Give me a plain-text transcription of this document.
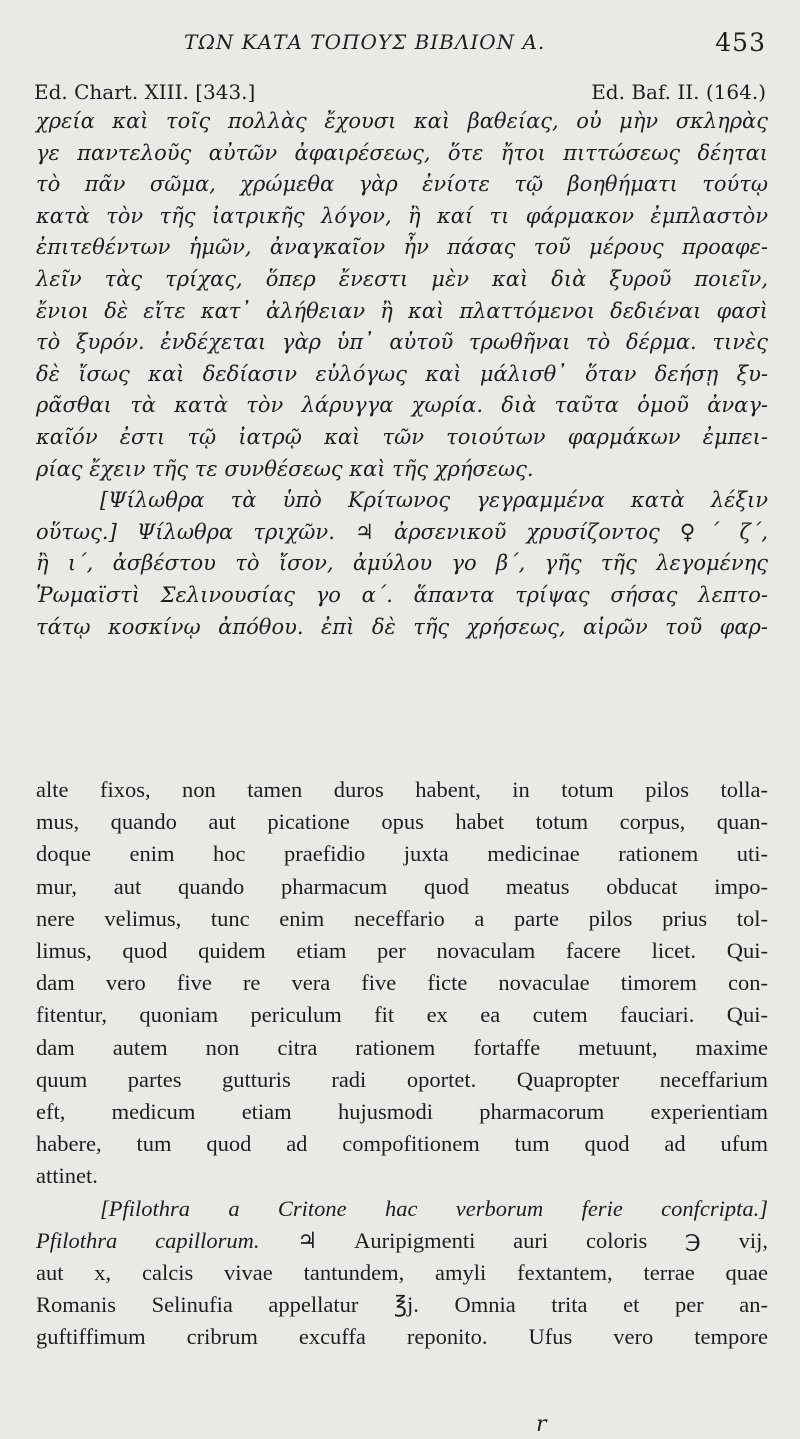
ΤΩΝ ΚΑΤΑ ΤΟΠΟΥΣ ΒΙΒΛΙΟΝ Α.	453
Ed. Chart. XIII. [343.]	Ed. Baf. II. (164.)
χρεία καὶ τοῖς πολλὰς ἔχουσι καὶ βαθείας, οὐ μὴν σκληρὰς
γε παντελοῦς αὐτῶν ἀφαιρέσεως, ὅτε ἤτοι πιττώσεως δέηται
τὸ πᾶν σῶμα, χρώμεθα γὰρ ἐνίοτε τῷ βοηθήματι τούτῳ
κατὰ τὸν τῆς ἰατρικῆς λόγον, ἢ καί τι φάρμακον ἐμπλαστὸν
ἐπιτεθέντων ἡμῶν, ἀναγκαῖον ἦν πάσας τοῦ μέρους προαφε-
λεῖν τὰς τρίχας, ὅπερ ἔνεστι μὲν καὶ διὰ ξυροῦ ποιεῖν,
ἔνιοι δὲ εἴτε κατ᾽ ἀλήθειαν ἢ καὶ πλαττόμενοι δεδιέναι φασὶ
τὸ ξυρόν. ἐνδέχεται γὰρ ὑπ᾽ αὐτοῦ τρωθῆναι τὸ δέρμα. τινὲς
δὲ ἴσως καὶ δεδίασιν εὐλόγως καὶ μάλισθ᾽ ὅταν δεήσῃ ξυ-
ρᾶσθαι τὰ κατὰ τὸν λάρυγγα χωρία. διὰ ταῦτα ὁμοῦ ἀναγ-
καῖόν ἐστι τῷ ἰατρῷ καὶ τῶν τοιούτων φαρμάκων ἐμπει-
ρίας ἔχειν τῆς τε συνθέσεως καὶ τῆς χρήσεως.
[Ψίλωθρα τὰ ὑπὸ Κρίτωνος γεγραμμένα κατὰ λέξιν
οὕτως.] Ψίλωθρα τριχῶν. ♃ ἀρσενικοῦ χρυσίζοντος ♀΄ ζ΄,
ἢ ι΄, ἀσβέστου τὸ ἴσον, ἀμύλου γο β΄, γῆς τῆς λεγομένης
Ῥωμαϊστὶ Σελινουσίας γο α΄. ἅπαντα τρίψας σήσας λεπτο-
τάτῳ κοσκίνῳ ἀπόθου. ἐπὶ δὲ τῆς χρήσεως, αἱρῶν τοῦ φαρ-
alte fixos, non tamen duros habent, in totum pilos tolla-
mus, quando aut picatione opus habet totum corpus, quan-
doque enim hoc praefidio juxta medicinae rationem uti-
mur, aut quando pharmacum quod meatus obducat impo-
nere velimus, tunc enim neceffario a parte pilos prius tol-
limus, quod quidem etiam per novaculam facere licet. Qui-
dam vero five re vera five ficte novaculae timorem con-
fitentur, quoniam periculum fit ex ea cutem fauciari. Qui-
dam autem non citra rationem fortaffe metuunt, maxime
quum partes gutturis radi oportet. Quapropter neceffarium
eft, medicum etiam hujusmodi pharmacorum experientiam
habere, tum quod ad compofitionem tum quod ad ufum
attinet.
[Pfilothra a Critone hac verborum ferie confcripta.]
Pfilothra capillorum. ♃ Auripigmenti auri coloris ℈ vij,
aut x, calcis vivae tantundem, amyli fextantem, terrae quae
Romanis Selinufia appellatur ℥j. Omnia trita et per an-
guftiffimum cribrum excuffa reponito. Ufus vero tempore
r
